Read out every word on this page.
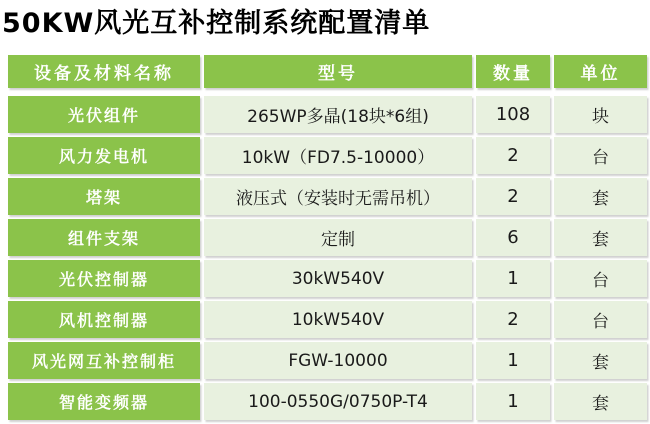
50KW风光互补控制系统配置清单
设备及材料名称	型号	数量	单位
光伏组件	265WP多晶(18块*6组)	108	块
风力发电机	10kW（FD7.5-10000）	2	台
塔架	液压式（安装时无需吊机）	2	套
组件支架	定制	6	套
光伏控制器	30kW540V	1	台
风机控制器	10kW540V	2	台
风光网互补控制柜	FGW-10000	1	套
智能变频器	100-0550G/0750P-T4	1	套
